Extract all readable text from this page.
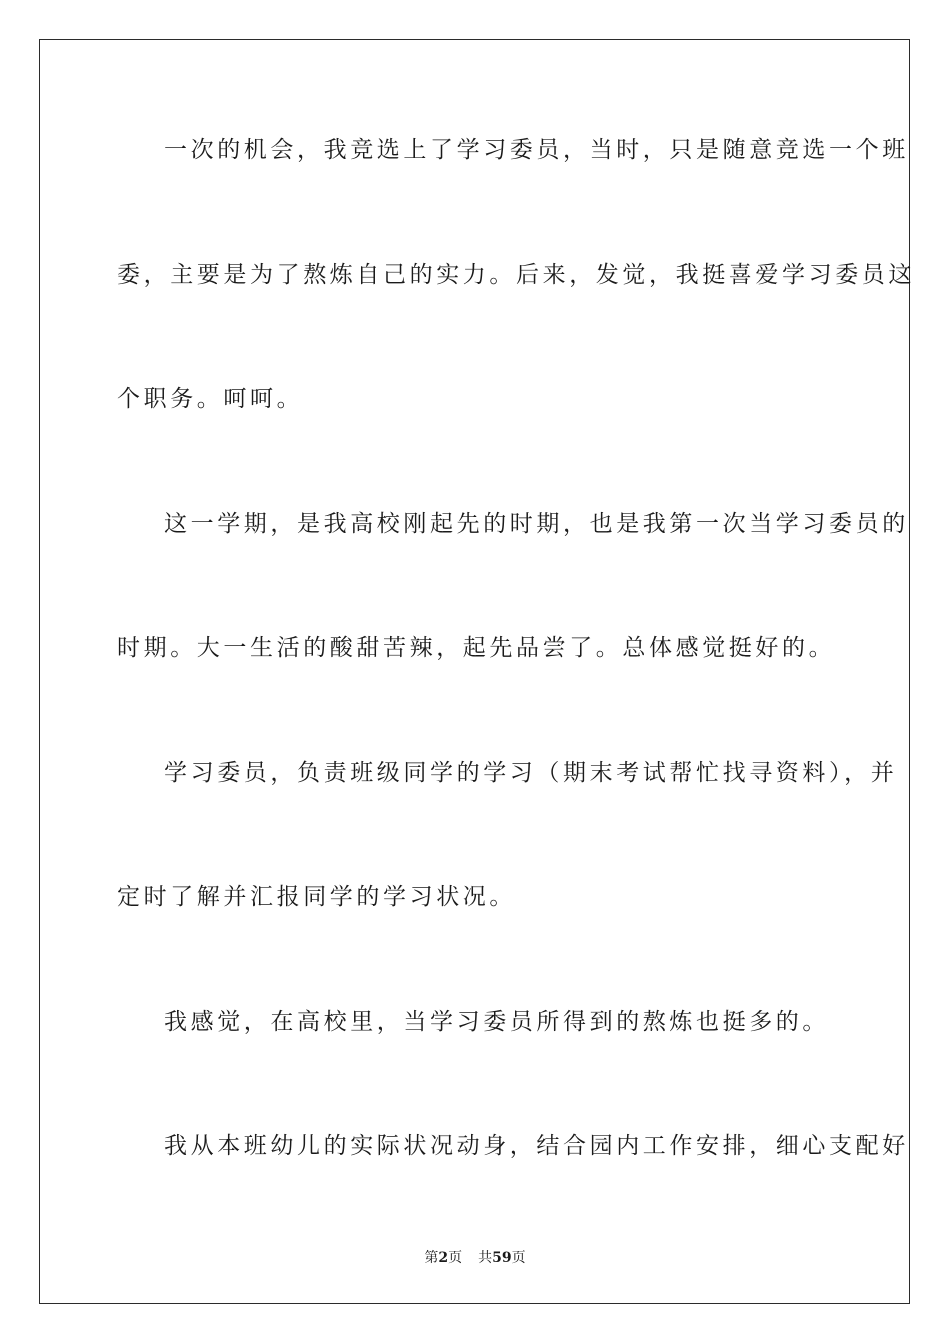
一次的机会，我竞选上了学习委员，当时，只是随意竞选一个班
委，主要是为了熬炼自己的实力。后来，发觉，我挺喜爱学习委员这
个职务。呵呵。
这一学期，是我高校刚起先的时期，也是我第一次当学习委员的
时期。大一生活的酸甜苦辣，起先品尝了。总体感觉挺好的。
学习委员，负责班级同学的学习（期末考试帮忙找寻资料），并
定时了解并汇报同学的学习状况。
我感觉，在高校里，当学习委员所得到的熬炼也挺多的。
我从本班幼儿的实际状况动身，结合园内工作安排，细心支配好
第2页 共59页
